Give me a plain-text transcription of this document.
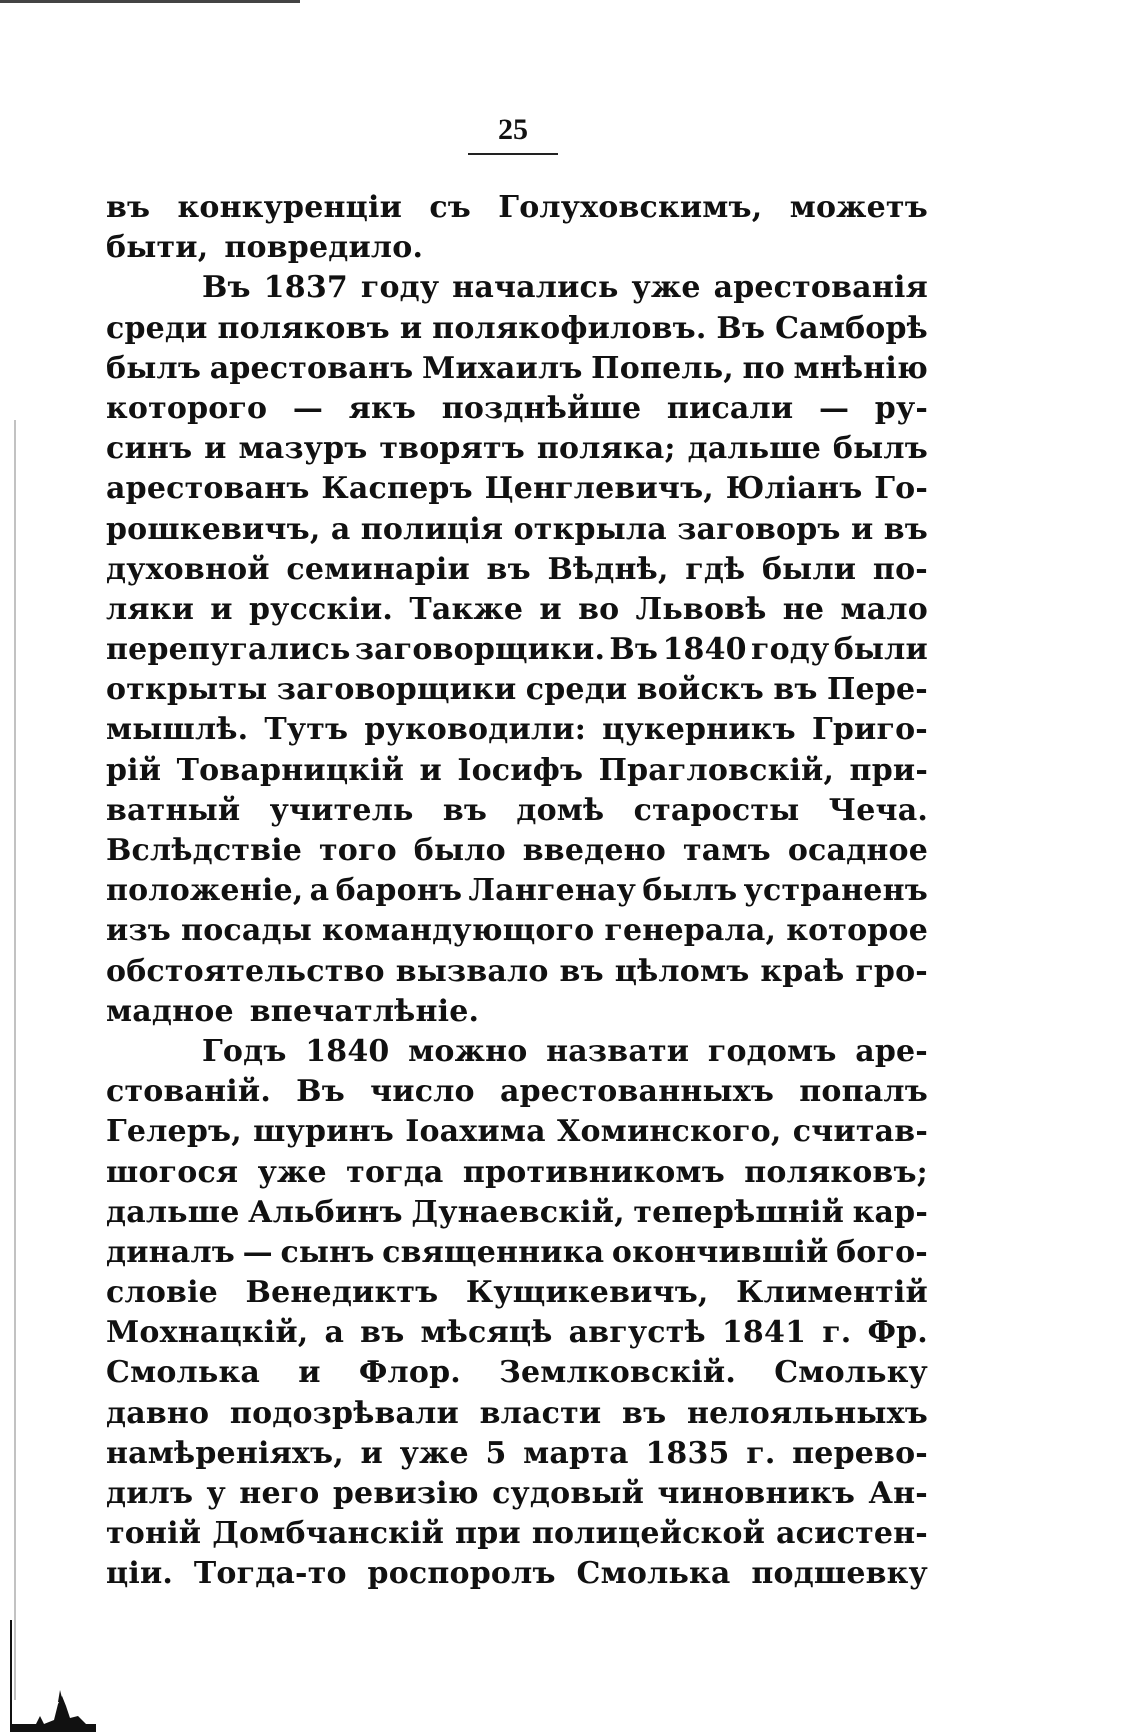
25
въ конкуренціи съ Голуховскимъ, можетъ
быти, повредило.
Въ 1837 году начались уже арестованія
среди поляковъ и полякофиловъ. Въ Самборѣ
былъ арестованъ Михаилъ Попель, по мнѣнію
которого — якъ позднѣйше писали — ру-
синъ и мазуръ творятъ поляка; дальше былъ
арестованъ Касперъ Ценглевичъ, Юліанъ Го-
рошкевичъ, а полиція открыла заговоръ и въ
духовной семинаріи въ Вѣднѣ, гдѣ были по-
ляки и русскіи. Также и во Львовѣ не мало
перепугались заговорщики. Въ 1840 году были
открыты заговорщики среди войскъ въ Пере-
мышлѣ. Тутъ руководили: цукерникъ Григо-
рій Товарницкій и Іосифъ Прагловскій, при-
ватный учитель въ домѣ старосты Чеча.
Вслѣдствіе того было введено тамъ осадное
положеніе, а баронъ Лангенау былъ устраненъ
изъ посады командующого генерала, которое
обстоятельство вызвало въ цѣломъ краѣ гро-
мадное впечатлѣніе.
Годъ 1840 можно назвати годомъ аре-
стованій. Въ число арестованныхъ попалъ
Гелеръ, шуринъ Іоахима Хоминского, считав-
шогося уже тогда противникомъ поляковъ;
дальше Альбинъ Дунаевскій, теперѣшній кар-
диналъ — сынъ священника окончившій бого-
словіе Венедиктъ Кущикевичъ, Климентій
Мохнацкій, а въ мѣсяцѣ августѣ 1841 г. Фр.
Смолька и Флор. Землковскій. Смольку
давно подозрѣвали власти въ нелояльныхъ
намѣреніяхъ, и уже 5 марта 1835 г. перево-
дилъ у него ревизію судовый чиновникъ Ан-
тоній Домбчанскій при полицейской асистен-
ціи. Тогда-то роспоролъ Смолька подшевку
